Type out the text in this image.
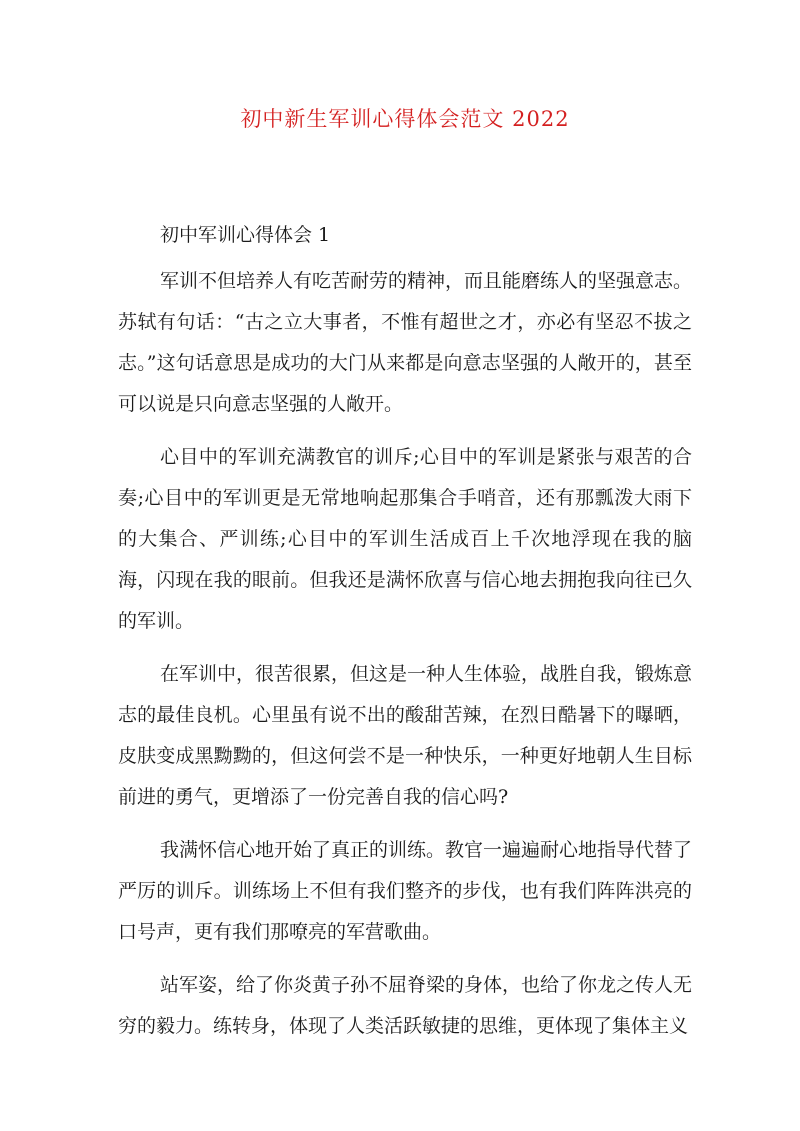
初中新生军训心得体会范文 2022
初中军训心得体会 1

军训不但培养人有吃苦耐劳的精神，而且能磨练人的坚强意志。苏轼有句话：“古之立大事者，不惟有超世之才，亦必有坚忍不拔之志。”这句话意思是成功的大门从来都是向意志坚强的人敞开的，甚至可以说是只向意志坚强的人敞开。

心目中的军训充满教官的训斥;心目中的军训是紧张与艰苦的合奏;心目中的军训更是无常地响起那集合手哨音，还有那瓢泼大雨下的大集合、严训练;心目中的军训生活成百上千次地浮现在我的脑海，闪现在我的眼前。但我还是满怀欣喜与信心地去拥抱我向往已久的军训。

在军训中，很苦很累，但这是一种人生体验，战胜自我，锻炼意志的最佳良机。心里虽有说不出的酸甜苦辣，在烈日酷暑下的曝晒，皮肤变成黑黝黝的，但这何尝不是一种快乐，一种更好地朝人生目标前进的勇气，更增添了一份完善自我的信心吗?

我满怀信心地开始了真正的训练。教官一遍遍耐心地指导代替了严厉的训斥。训练场上不但有我们整齐的步伐，也有我们阵阵洪亮的口号声，更有我们那嘹亮的军营歌曲。

站军姿，给了你炎黄子孙不屈脊梁的身体，也给了你龙之传人无穷的毅力。练转身，体现了人类活跃敏捷的思维，更体现了集体主义
